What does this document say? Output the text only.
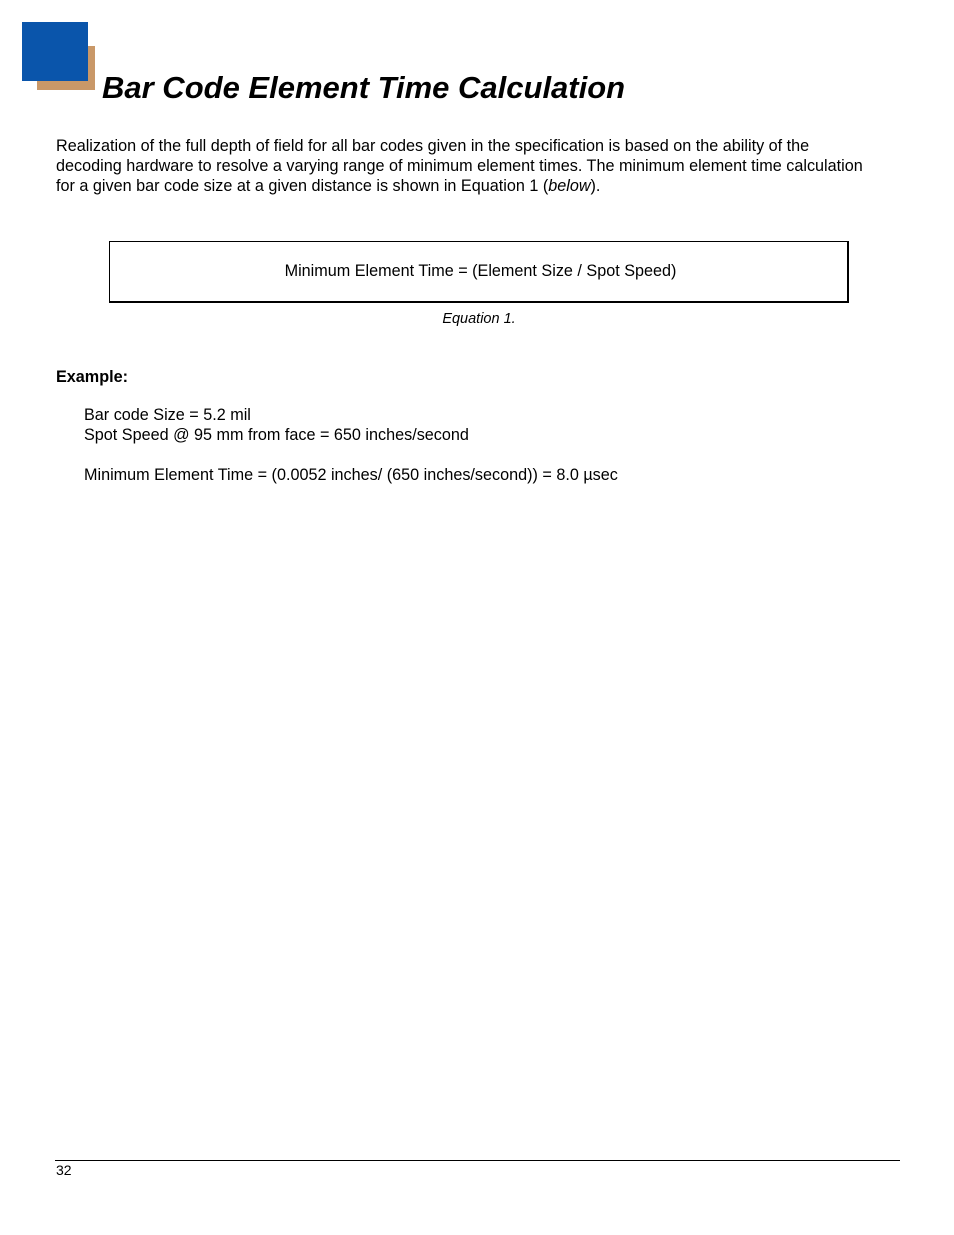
Bar Code Element Time Calculation

Realization of the full depth of field for all bar codes given in the specification is based on the ability of the decoding hardware to resolve a varying range of minimum element times. The minimum element time calculation for a given bar code size at a given distance is shown in Equation 1 (below).

Minimum Element Time = (Element Size / Spot Speed)
Equation 1.
Example:
Bar code Size = 5.2 mil
Spot Speed @ 95 mm from face = 650 inches/second
Minimum Element Time = (0.0052 inches/ (650 inches/second)) = 8.0 µsec
32
